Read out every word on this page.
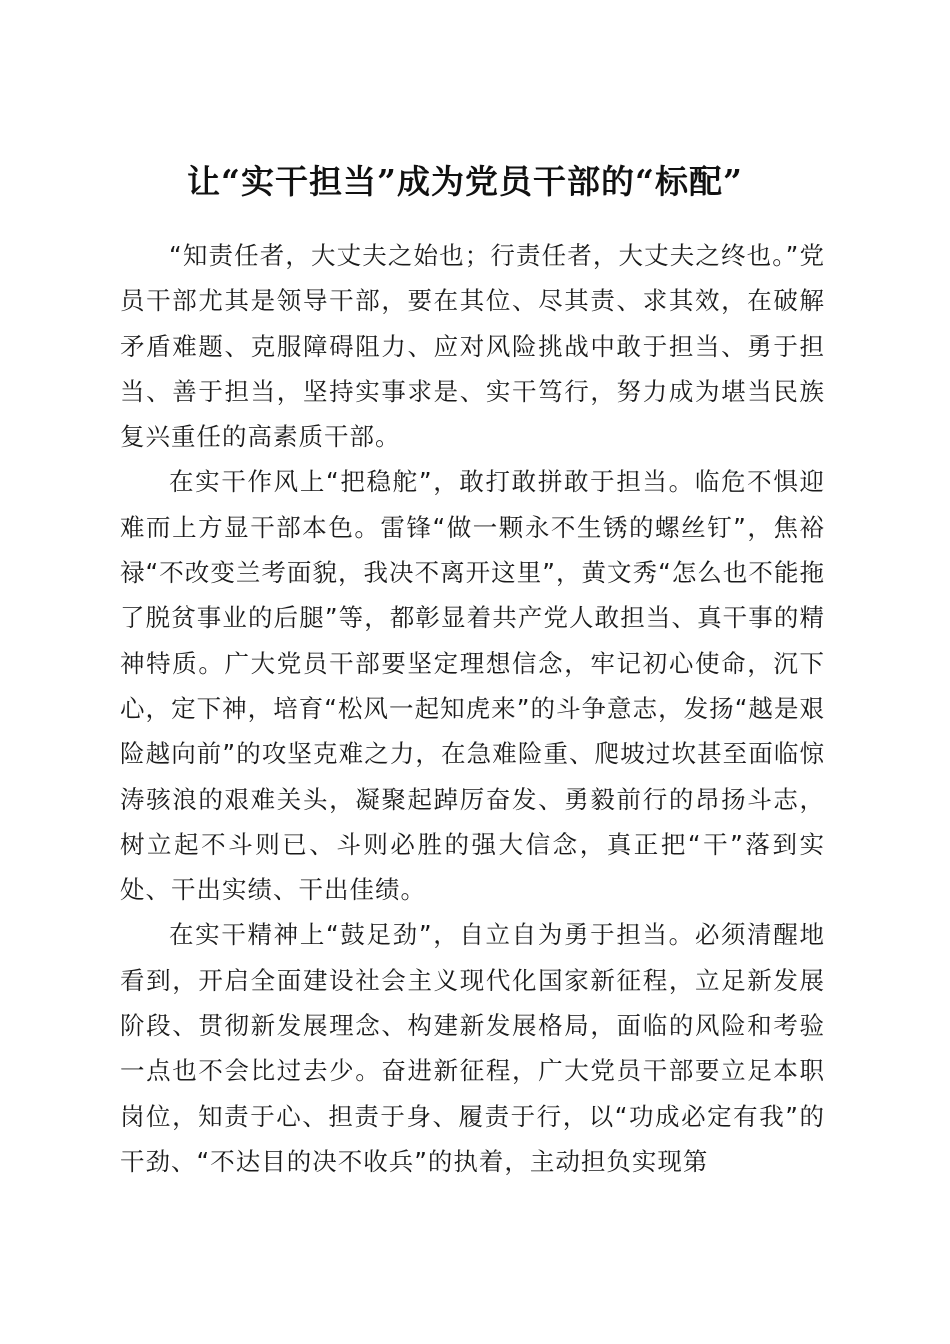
让“实干担当”成为党员干部的“标配”

“知责任者，大丈夫之始也；行责任者，大丈夫之终也。”党员干部尤其是领导干部，要在其位、尽其责、求其效，在破解矛盾难题、克服障碍阻力、应对风险挑战中敢于担当、勇于担当、善于担当，坚持实事求是、实干笃行，努力成为堪当民族复兴重任的高素质干部。

在实干作风上“把稳舵”，敢打敢拼敢于担当。临危不惧迎难而上方显干部本色。雷锋“做一颗永不生锈的螺丝钉”，焦裕禄“不改变兰考面貌，我决不离开这里”，黄文秀“怎么也不能拖了脱贫事业的后腿”等，都彰显着共产党人敢担当、真干事的精神特质。广大党员干部要坚定理想信念，牢记初心使命，沉下心，定下神，培育“松风一起知虎来”的斗争意志，发扬“越是艰险越向前”的攻坚克难之力，在急难险重、爬坡过坎甚至面临惊涛骇浪的艰难关头，凝聚起踔厉奋发、勇毅前行的昂扬斗志，树立起不斗则已、斗则必胜的强大信念，真正把“干”落到实处、干出实绩、干出佳绩。

在实干精神上“鼓足劲”，自立自为勇于担当。必须清醒地看到，开启全面建设社会主义现代化国家新征程，立足新发展阶段、贯彻新发展理念、构建新发展格局，面临的风险和考验一点也不会比过去少。奋进新征程，广大党员干部要立足本职岗位，知责于心、担责于身、履责于行，以“功成必定有我”的干劲、“不达目的决不收兵”的执着，主动担负实现第
